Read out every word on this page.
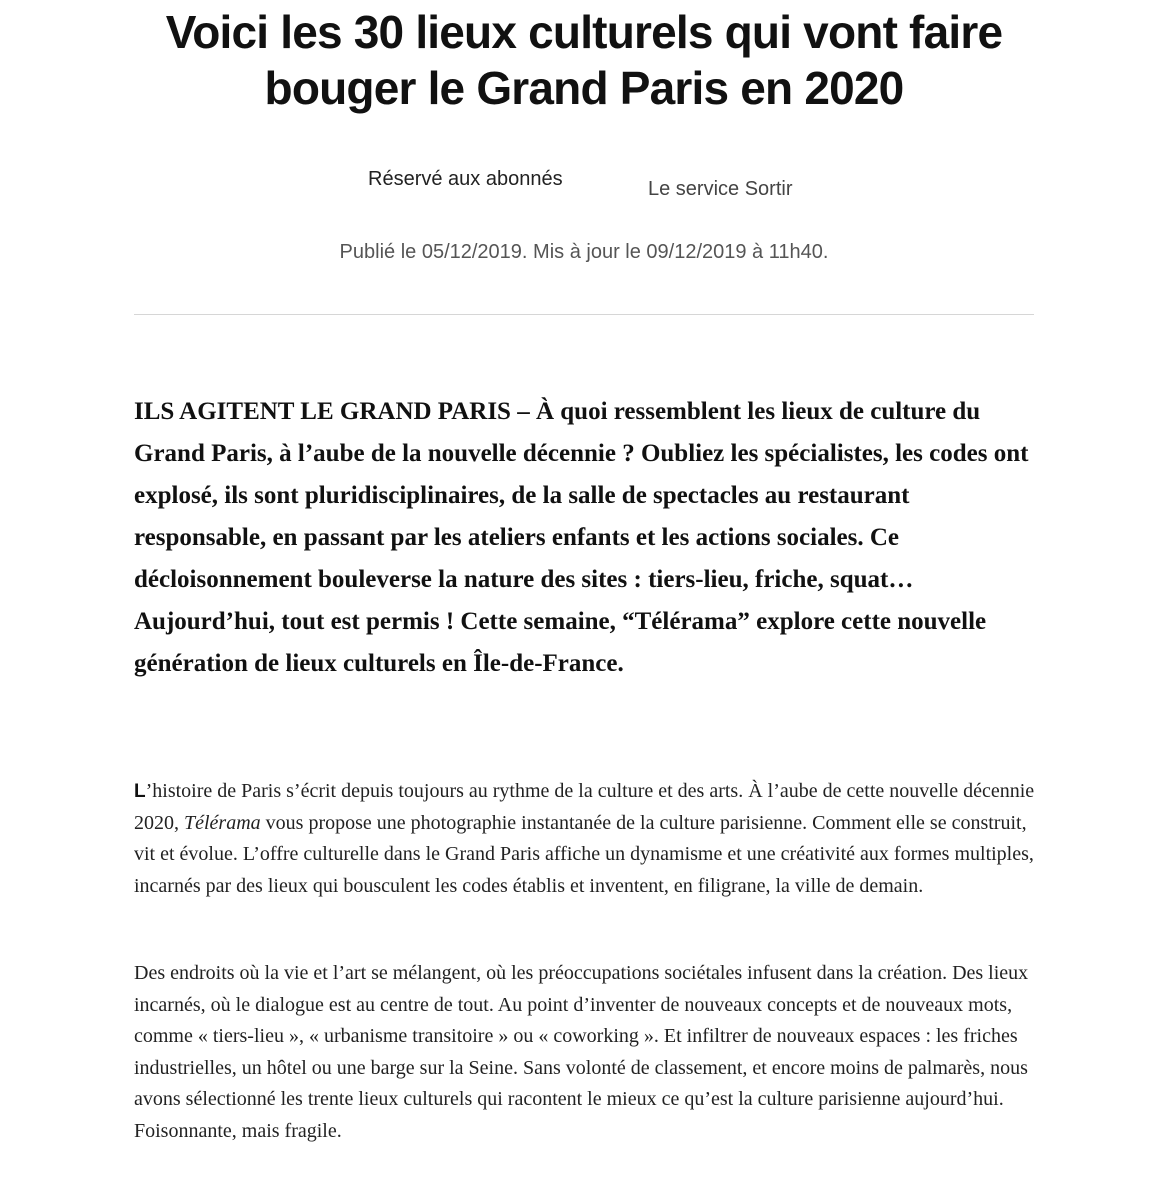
Voici les 30 lieux culturels qui vont faire bouger le Grand Paris en 2020
Réservé aux abonnés	Le service Sortir
Publié le 05/12/2019. Mis à jour le 09/12/2019 à 11h40.

ILS AGITENT LE GRAND PARIS – À quoi ressemblent les lieux de culture du Grand Paris, à l’aube de la nouvelle décennie ? Oubliez les spécialistes, les codes ont explosé, ils sont pluridisciplinaires, de la salle de spectacles au restaurant responsable, en passant par les ateliers enfants et les actions sociales. Ce décloisonnement bouleverse la nature des sites : tiers-lieu, friche, squat… Aujourd’hui, tout est permis ! Cette semaine, “Télérama” explore cette nouvelle génération de lieux culturels en Île-de-France.

L’histoire de Paris s’écrit depuis toujours au rythme de la culture et des arts. À l’aube de cette nouvelle décennie 2020, Télérama vous propose une photographie instantanée de la culture parisienne. Comment elle se construit, vit et évolue. L’offre culturelle dans le Grand Paris affiche un dynamisme et une créativité aux formes multiples, incarnés par des lieux qui bousculent les codes établis et inventent, en filigrane, la ville de demain.

Des endroits où la vie et l’art se mélangent, où les préoccupations sociétales infusent dans la création. Des lieux incarnés, où le dialogue est au centre de tout. Au point d’inventer de nouveaux concepts et de nouveaux mots, comme « tiers-lieu », « urbanisme transitoire » ou « coworking ». Et infiltrer de nouveaux espaces : les friches industrielles, un hôtel ou une barge sur la Seine. Sans volonté de classement, et encore moins de palmarès, nous avons sélectionné les trente lieux culturels qui racontent le mieux ce qu’est la culture parisienne aujourd’hui. Foisonnante, mais fragile.
